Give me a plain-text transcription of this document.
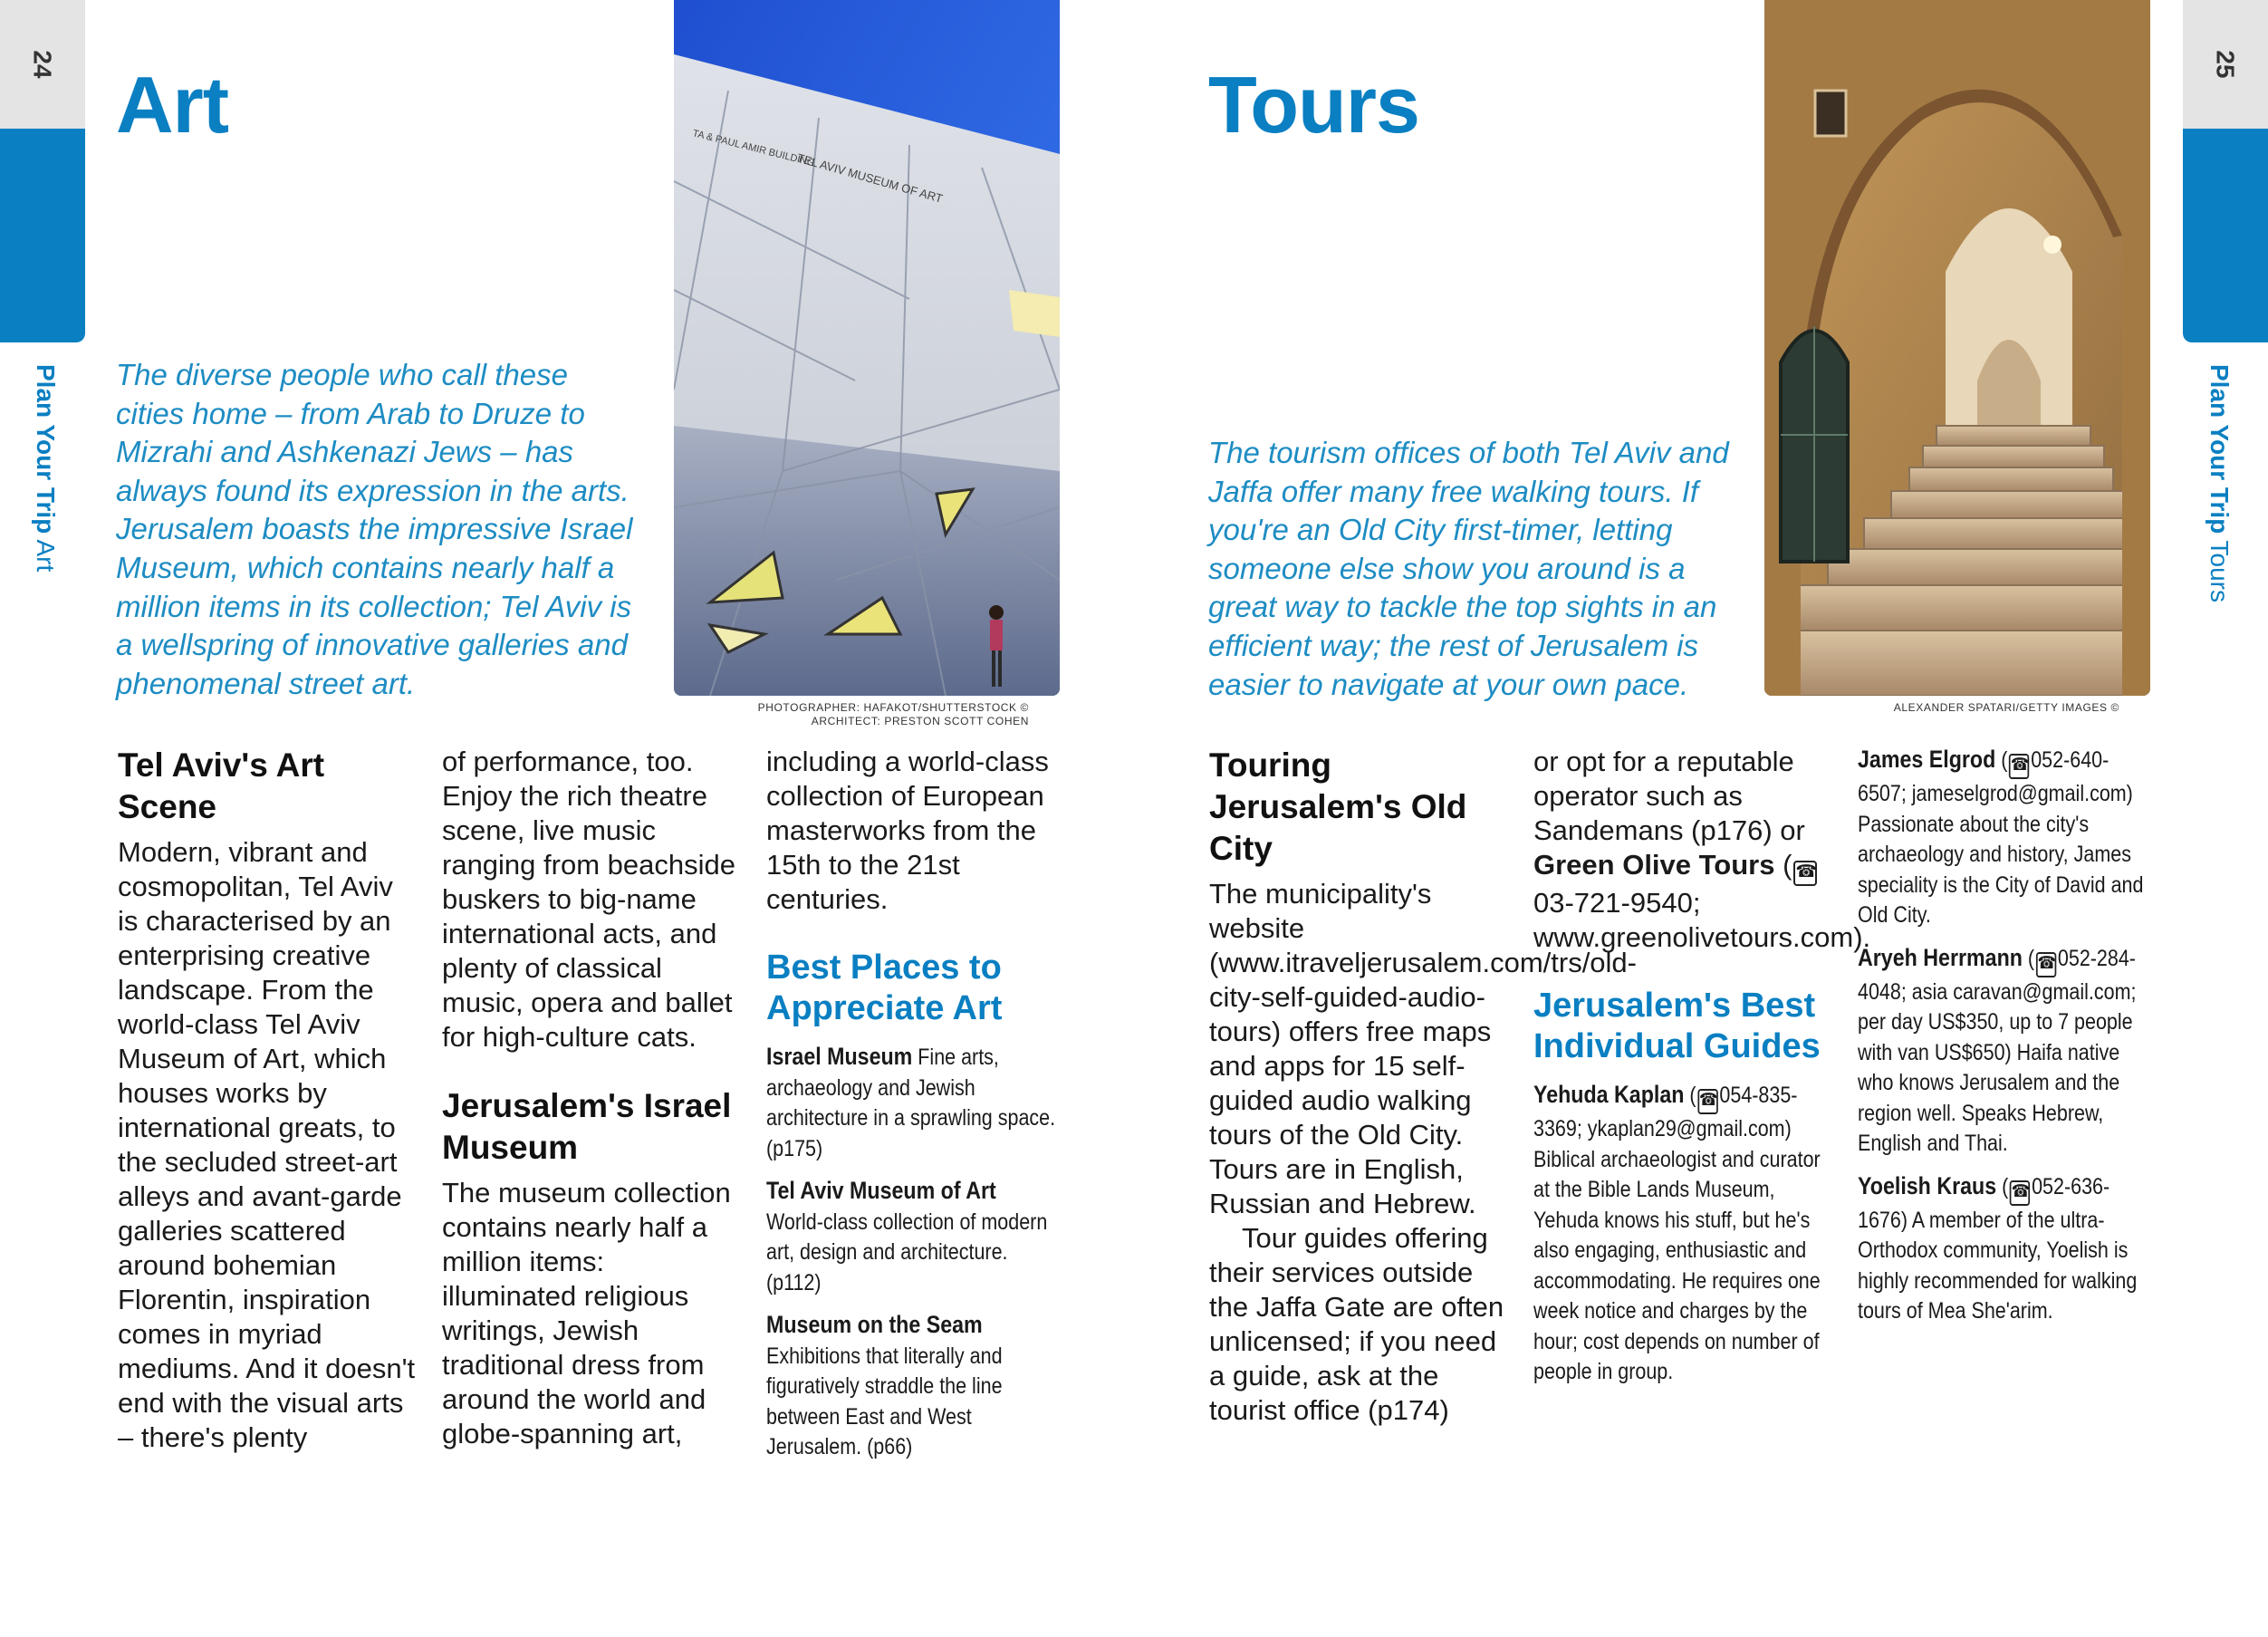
24
Plan Your Trip Art
25
Plan Your Trip Tours
Art
The diverse people who call these cities home – from Arab to Druze to Mizrahi and Ashkenazi Jews – has always found its expression in the arts. Jerusalem boasts the impressive Israel Museum, which contains nearly half a million items in its collection; Tel Aviv is a wellspring of innovative galleries and phenomenal street art.
TA & PAUL AMIR BUILDING
TEL AVIV MUSEUM OF ART
PHOTOGRAPHER: HAFAKOT/SHUTTERSTOCK ©
ARCHITECT: PRESTON SCOTT COHEN
Tel Aviv's Art Scene

Modern, vibrant and cosmopolitan, Tel Aviv is characterised by an enterprising creative landscape. From the world-class Tel Aviv Museum of Art, which houses works by international greats, to the secluded street-art alleys and avant-garde galleries scattered around bohemian Florentin, inspiration comes in myriad mediums. And it doesn't end with the visual arts – there's plenty

of performance, too. Enjoy the rich theatre scene, live music ranging from beachside buskers to big-name international acts, and plenty of classical music, opera and ballet for high-culture cats.

Jerusalem's Israel Museum

The museum collection contains nearly half a million items: illuminated religious writings, Jewish traditional dress from around the world and globe-spanning art,

including a world-class collection of European masterworks from the 15th to the 21st centuries.

Best Places to Appreciate Art
Israel Museum Fine arts, archaeology and Jewish architecture in a sprawling space. (p175)
Tel Aviv Museum of Art World-class collection of modern art, design and architecture. (p112)
Museum on the Seam Exhibitions that literally and figuratively straddle the line between East and West Jerusalem. (p66)
Tours
The tourism offices of both Tel Aviv and Jaffa offer many free walking tours. If you're an Old City first-timer, letting someone else show you around is a great way to tackle the top sights in an efficient way; the rest of Jerusalem is easier to navigate at your own pace.
ALEXANDER SPATARI/GETTY IMAGES ©
Touring Jerusalem's Old City

The municipality's website (www.itraveljerusalem.com/trs/old-city-self-guided-audio-tours) offers free maps and apps for 15 self-guided audio walking tours of the Old City. Tours are in English, Russian and Hebrew.

Tour guides offering their services outside the Jaffa Gate are often unlicensed; if you need a guide, ask at the tourist office (p174)

or opt for a reputable operator such as Sandemans (p176) or Green Olive Tours ( ☎03-721-9540; www.greenolivetours.com).

Jerusalem's Best Individual Guides
Yehuda Kaplan ( ☎054-835-3369; ykaplan29@gmail.com) Biblical archaeologist and curator at the Bible Lands Museum, Yehuda knows his stuff, but he's also engaging, enthusiastic and accommodating. He requires one week notice and charges by the hour; cost depends on number of people in group.
James Elgrod ( ☎052-640-6507; jameselgrod@gmail.com) Passionate about the city's archaeology and history, James speciality is the City of David and Old City.
Aryeh Herrmann ( ☎052-284-4048; asia caravan@gmail.com; per day US$350, up to 7 people with van US$650) Haifa native who knows Jerusalem and the region well. Speaks Hebrew, English and Thai.
Yoelish Kraus ( ☎052-636-1676) A member of the ultra-Orthodox community, Yoelish is highly recommended for walking tours of Mea She'arim.
